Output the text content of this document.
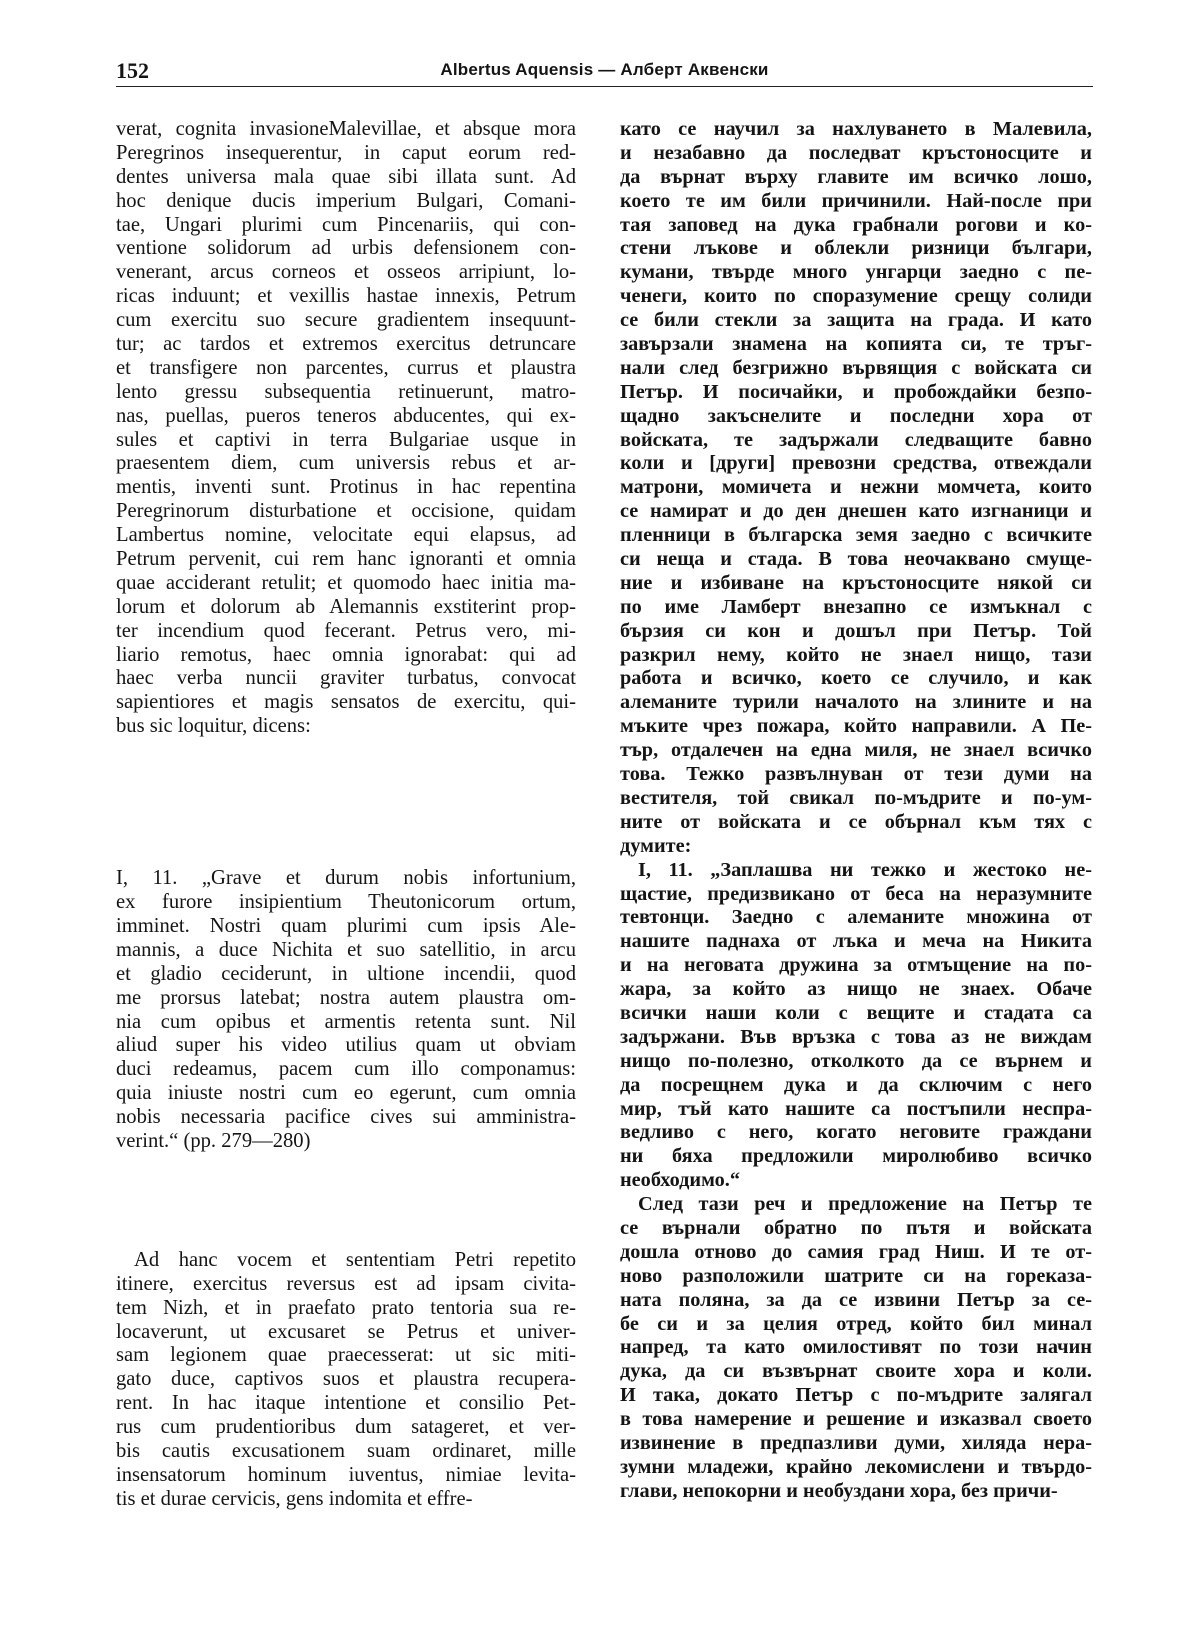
152	Albertus Aquensis — Алберт Аквенски
verat, cognita invasioneMalevillae, et absque mora
Peregrinos insequerentur, in caput eorum red-
dentes universa mala quae sibi illata sunt. Ad
hoc denique ducis imperium Bulgari, Comani-
tae, Ungari plurimi cum Pincenariis, qui con-
ventione solidorum ad urbis defensionem con-
venerant, arcus corneos et osseos arripiunt, lo-
ricas induunt; et vexillis hastae innexis, Petrum
cum exercitu suo secure gradientem insequunt-
tur; ac tardos et extremos exercitus detruncare
et transfigere non parcentes, currus et plaustra
lento gressu subsequentia retinuerunt, matro-
nas, puellas, pueros teneros abducentes, qui ex-
sules et captivi in terra Bulgariae usque in
praesentem diem, cum universis rebus et ar-
mentis, inventi sunt. Protinus in hac repentina
Peregrinorum disturbatione et occisione, quidam
Lambertus nomine, velocitate equi elapsus, ad
Petrum pervenit, cui rem hanc ignoranti et omnia
quae acciderant retulit; et quomodo haec initia ma-
lorum et dolorum ab Alemannis exstiterint prop-
ter incendium quod fecerant. Petrus vero, mi-
liario remotus, haec omnia ignorabat: qui ad
haec verba nuncii graviter turbatus, convocat
sapientiores et magis sensatos de exercitu, qui-
bus sic loquitur, dicens:
I, 11. „Grave et durum nobis infortunium,
ex furore insipientium Theutonicorum ortum,
imminet. Nostri quam plurimi cum ipsis Ale-
mannis, a duce Nichita et suo satellitio, in arcu
et gladio ceciderunt, in ultione incendii, quod
me prorsus latebat; nostra autem plaustra om-
nia cum opibus et armentis retenta sunt. Nil
aliud super his video utilius quam ut obviam
duci redeamus, pacem cum illo componamus:
quia iniuste nostri cum eo egerunt, cum omnia
nobis necessaria pacifice cives sui amministra-
verint.“ (pp. 279—280)
Ad hanc vocem et sententiam Petri repetito
itinere, exercitus reversus est ad ipsam civita-
tem Nizh, et in praefato prato tentoria sua re-
locaverunt, ut excusaret se Petrus et univer-
sam legionem quae praecesserat: ut sic miti-
gato duce, captivos suos et plaustra recupera-
rent. In hac itaque intentione et consilio Pet-
rus cum prudentioribus dum satageret, et ver-
bis cautis excusationem suam ordinaret, mille
insensatorum hominum iuventus, nimiae levita-
tis et durae cervicis, gens indomita et effre-
като се научил за нахлуването в Малевила,
и незабавно да последват кръстоносците и
да върнат върху главите им всичко лошо,
което те им били причинили. Най-после при
тая заповед на дука грабнали рогови и ко-
стени лъкове и облекли ризници българи,
кумани, твърде много унгарци заедно с пе-
ченеги, които по споразумение срещу солиди
се били стекли за защита на града. И като
завързали знамена на копията си, те тръг-
нали след безгрижно вървящия с войската си
Петър. И посичайки, и пробождайки безпо-
щадно закъснелите и последни хора от
войската, те задържали следващите бавно
коли и [други] превозни средства, отвеждали
матрони, момичета и нежни момчета, които
се намират и до ден днешен като изгнаници и
пленници в българска земя заедно с всичките
си неща и стада. В това неочаквано смуще-
ние и избиване на кръстоносците някой си
по име Ламберт внезапно се измъкнал с
бързия си кон и дошъл при Петър. Той
разкрил нему, който не знаел нищо, тази
работа и всичко, което се случило, и как
алеманите турили началото на злините и на
мъките чрез пожара, който направили. А Пе-
тър, отдалечен на една миля, не знаел всичко
това. Тежко развълнуван от тези думи на
вестителя, той свикал по-мъдрите и по-ум-
ните от войската и се обърнал към тях с
думите:
I, 11. „Заплашва ни тежко и жестоко не-
щастие, предизвикано от беса на неразумните
тевтонци. Заедно с алеманите множина от
нашите паднаха от лъка и меча на Никита
и на неговата дружина за отмъщение на по-
жара, за който аз нищо не знаех. Обаче
всички наши коли с вещите и стадата са
задържани. Във връзка с това аз не виждам
нищо по-полезно, отколкото да се върнем и
да посрещнем дука и да сключим с него
мир, тъй като нашите са постъпили неспра-
ведливо с него, когато неговите граждани
ни бяха предложили миролюбиво всичко
необходимо.“
След тази реч и предложение на Петър те
се върнали обратно по пътя и войската
дошла отново до самия град Ниш. И те от-
ново разположили шатрите си на гореказа-
ната поляна, за да се извини Петър за се-
бе си и за целия отред, който бил минал
напред, та като омилостивят по този начин
дука, да си възвърнат своите хора и коли.
И така, докато Петър с по-мъдрите залягал
в това намерение и решение и изказвал своето
извинение в предпазливи думи, хиляда нера-
зумни младежи, крайно лекомислени и твърдо-
глави, непокорни и необуздани хора, без причи-
